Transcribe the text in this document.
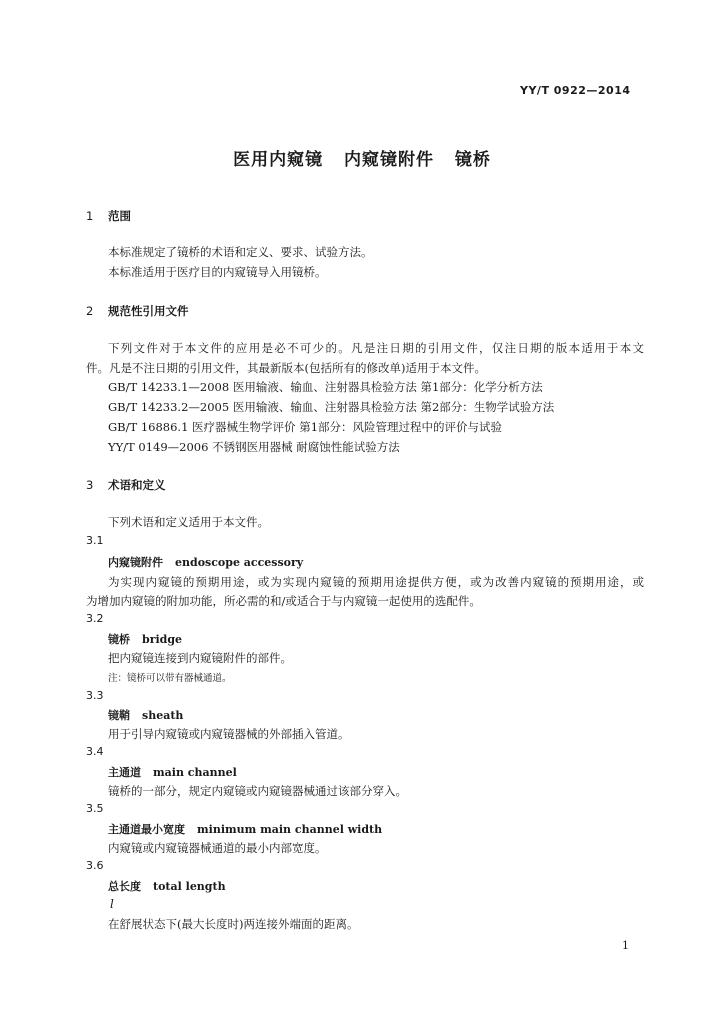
YY/T 0922—2014
医用内窥镜 内窥镜附件 镜桥
1 范围
本标准规定了镜桥的术语和定义、要求、试验方法。
本标准适用于医疗目的内窥镜导入用镜桥。
2 规范性引用文件
下列文件对于本文件的应用是必不可少的。凡是注日期的引用文件，仅注日期的版本适用于本文
件。凡是不注日期的引用文件，其最新版本(包括所有的修改单)适用于本文件。
GB/T 14233.1—2008 医用输液、输血、注射器具检验方法 第1部分：化学分析方法
GB/T 14233.2—2005 医用输液、输血、注射器具检验方法 第2部分：生物学试验方法
GB/T 16886.1 医疗器械生物学评价 第1部分：风险管理过程中的评价与试验
YY/T 0149—2006 不锈钢医用器械 耐腐蚀性能试验方法
3 术语和定义
下列术语和定义适用于本文件。
3.1
内窥镜附件 endoscope accessory
为实现内窥镜的预期用途，或为实现内窥镜的预期用途提供方便，或为改善内窥镜的预期用途，或
为增加内窥镜的附加功能，所必需的和/或适合于与内窥镜一起使用的选配件。
3.2
镜桥 bridge
把内窥镜连接到内窥镜附件的部件。
注：镜桥可以带有器械通道。
3.3
镜鞘 sheath
用于引导内窥镜或内窥镜器械的外部插入管道。
3.4
主通道 main channel
镜桥的一部分，规定内窥镜或内窥镜器械通过该部分穿入。
3.5
主通道最小宽度 minimum main channel width
内窥镜或内窥镜器械通道的最小内部宽度。
3.6
总长度 total length
l
在舒展状态下(最大长度时)两连接外端面的距离。
1
